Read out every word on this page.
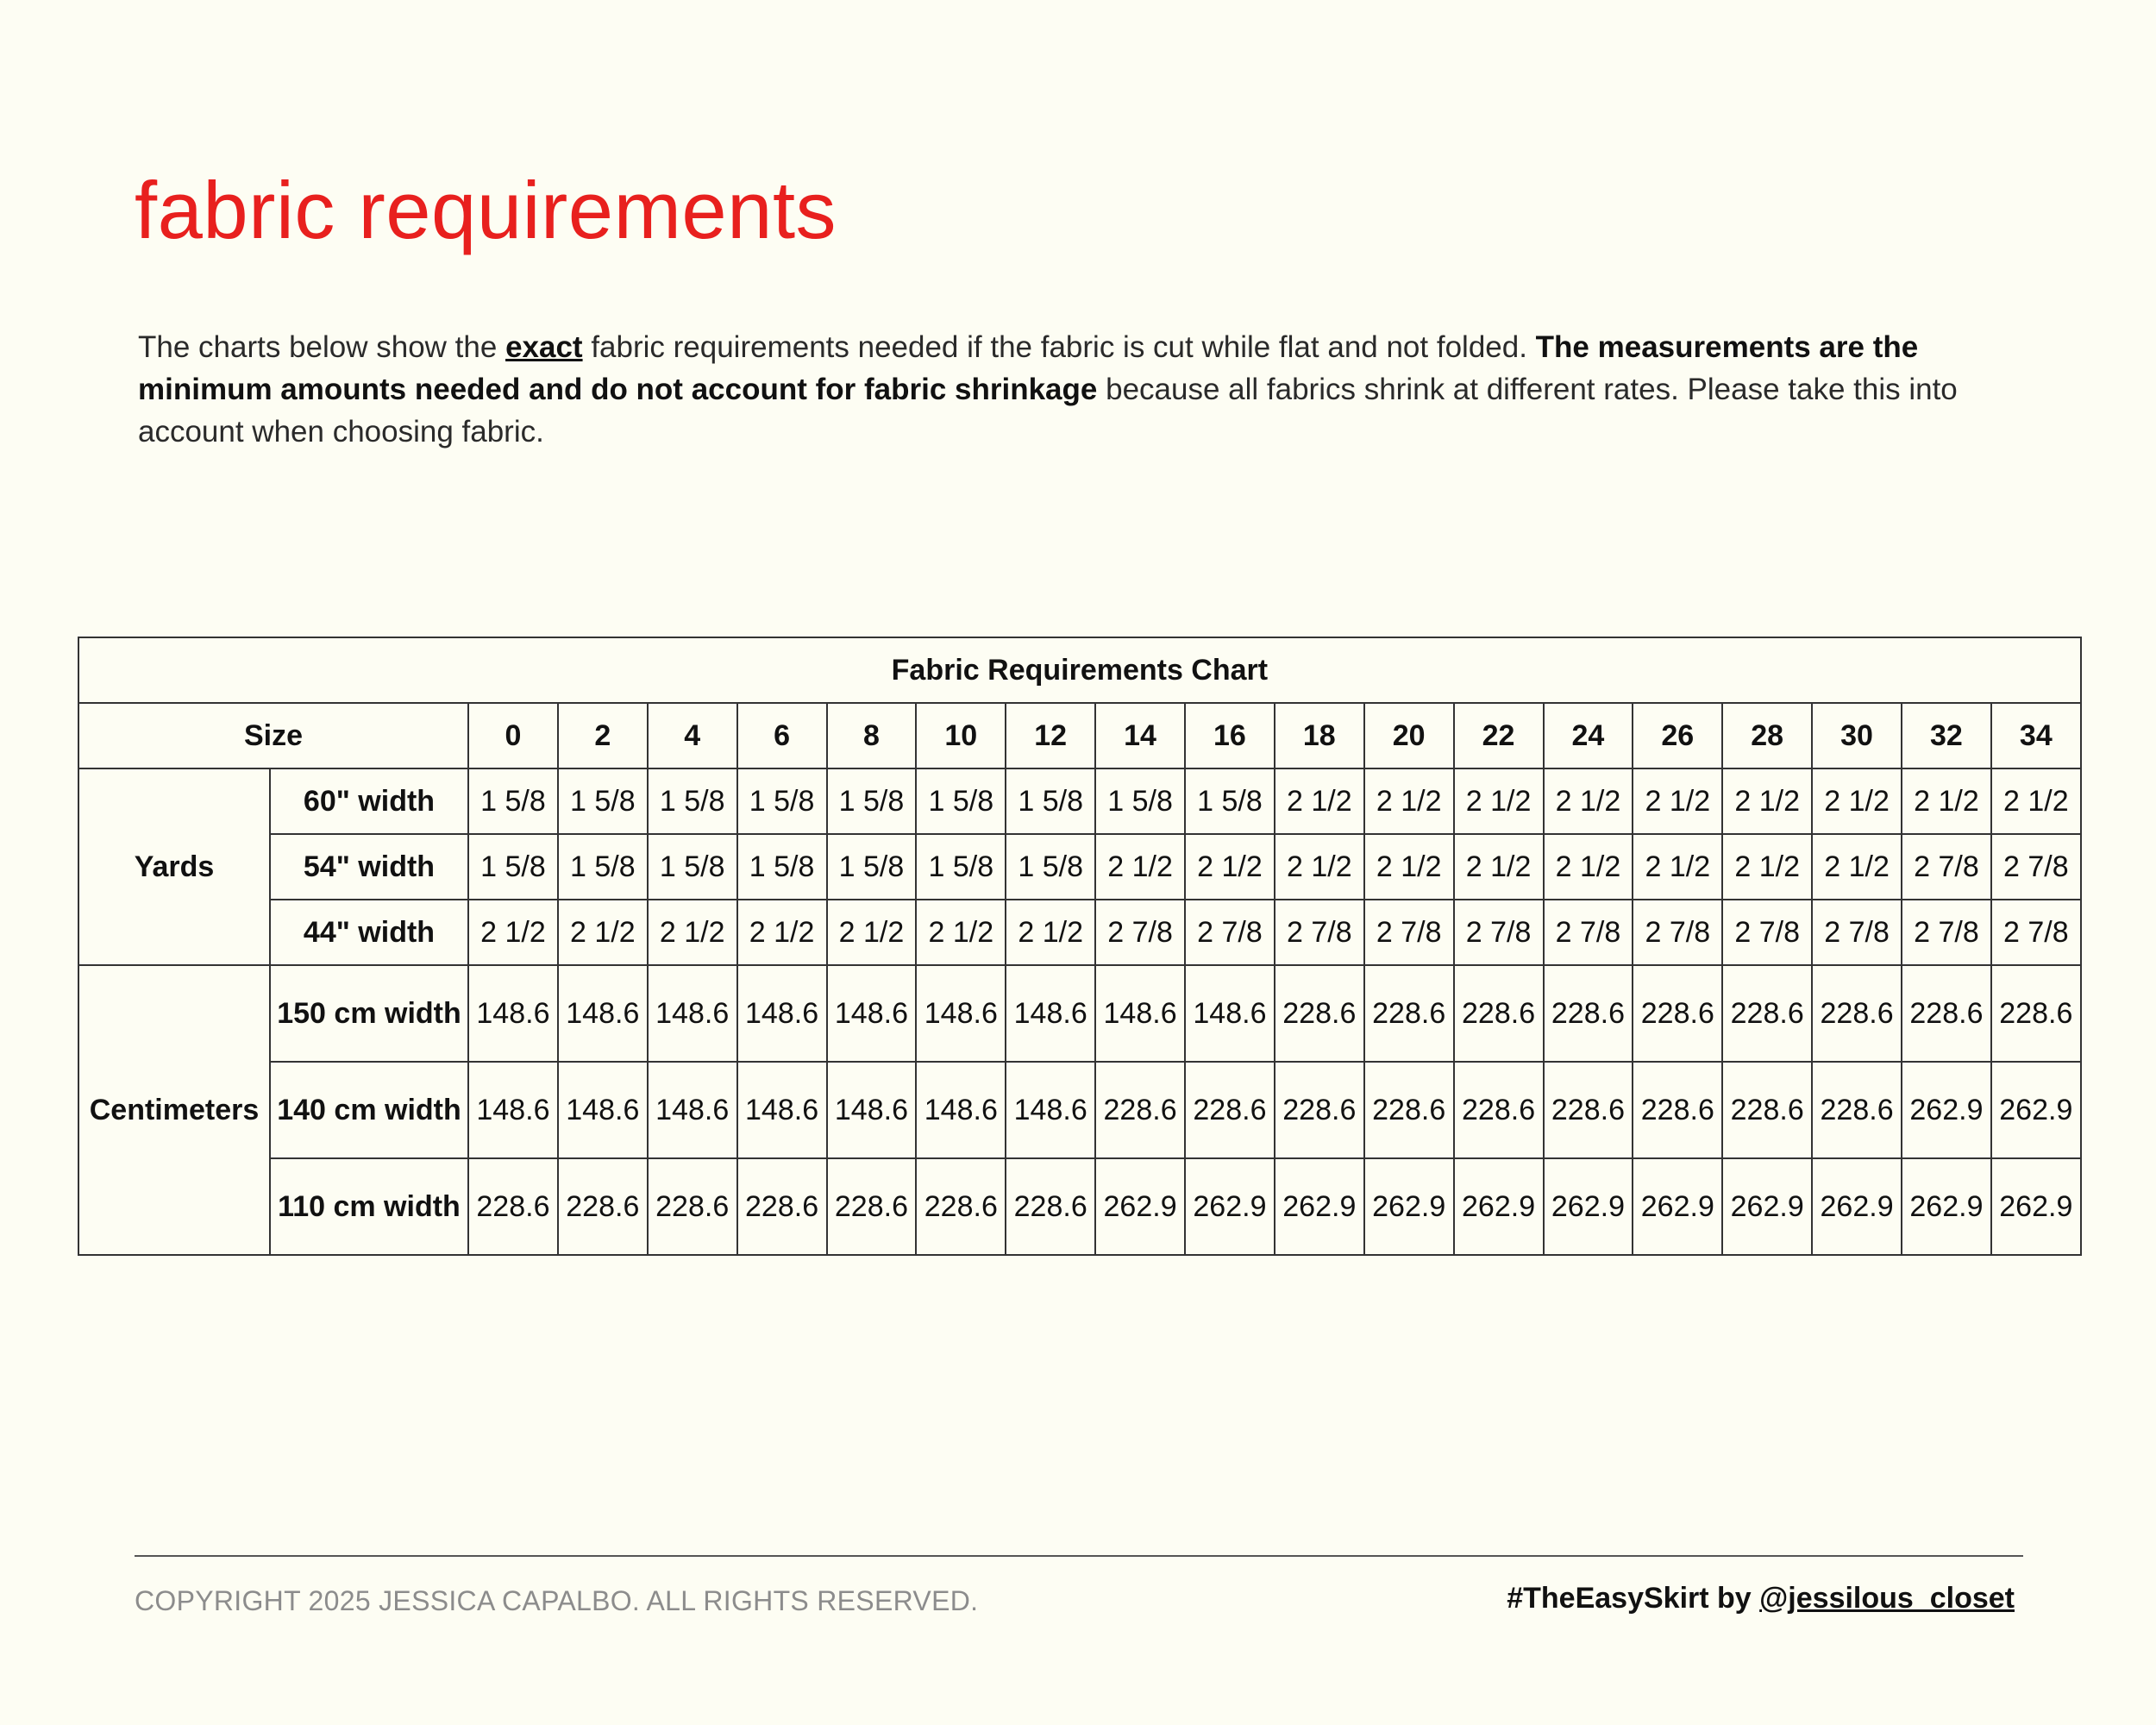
fabric requirements

The charts below show the exact fabric requirements needed if the fabric is cut while flat and not folded. The measurements are the minimum amounts needed and do not account for fabric shrinkage because all fabrics shrink at different rates. Please take this into account when choosing fabric.

Fabric Requirements Chart																			
Size		0	2	4	6	8	10	12	14	16	18	20	22	24	26	28	30	32	34
Yards	60" width	1 5/8	1 5/8	1 5/8	1 5/8	1 5/8	1 5/8	1 5/8	1 5/8	1 5/8	2 1/2	2 1/2	2 1/2	2 1/2	2 1/2	2 1/2	2 1/2	2 1/2	2 1/2
	54" width	1 5/8	1 5/8	1 5/8	1 5/8	1 5/8	1 5/8	1 5/8	2 1/2	2 1/2	2 1/2	2 1/2	2 1/2	2 1/2	2 1/2	2 1/2	2 1/2	2 7/8	2 7/8
	44" width	2 1/2	2 1/2	2 1/2	2 1/2	2 1/2	2 1/2	2 1/2	2 7/8	2 7/8	2 7/8	2 7/8	2 7/8	2 7/8	2 7/8	2 7/8	2 7/8	2 7/8	2 7/8
Centimeters	150 cm width	148.6	148.6	148.6	148.6	148.6	148.6	148.6	148.6	148.6	228.6	228.6	228.6	228.6	228.6	228.6	228.6	228.6	228.6
	140 cm width	148.6	148.6	148.6	148.6	148.6	148.6	148.6	228.6	228.6	228.6	228.6	228.6	228.6	228.6	228.6	228.6	262.9	262.9
	110 cm width	228.6	228.6	228.6	228.6	228.6	228.6	228.6	262.9	262.9	262.9	262.9	262.9	262.9	262.9	262.9	262.9	262.9	262.9
COPYRIGHT 2025 JESSICA CAPALBO. ALL RIGHTS RESERVED.	#TheEasySkirt by @jessilous_closet
